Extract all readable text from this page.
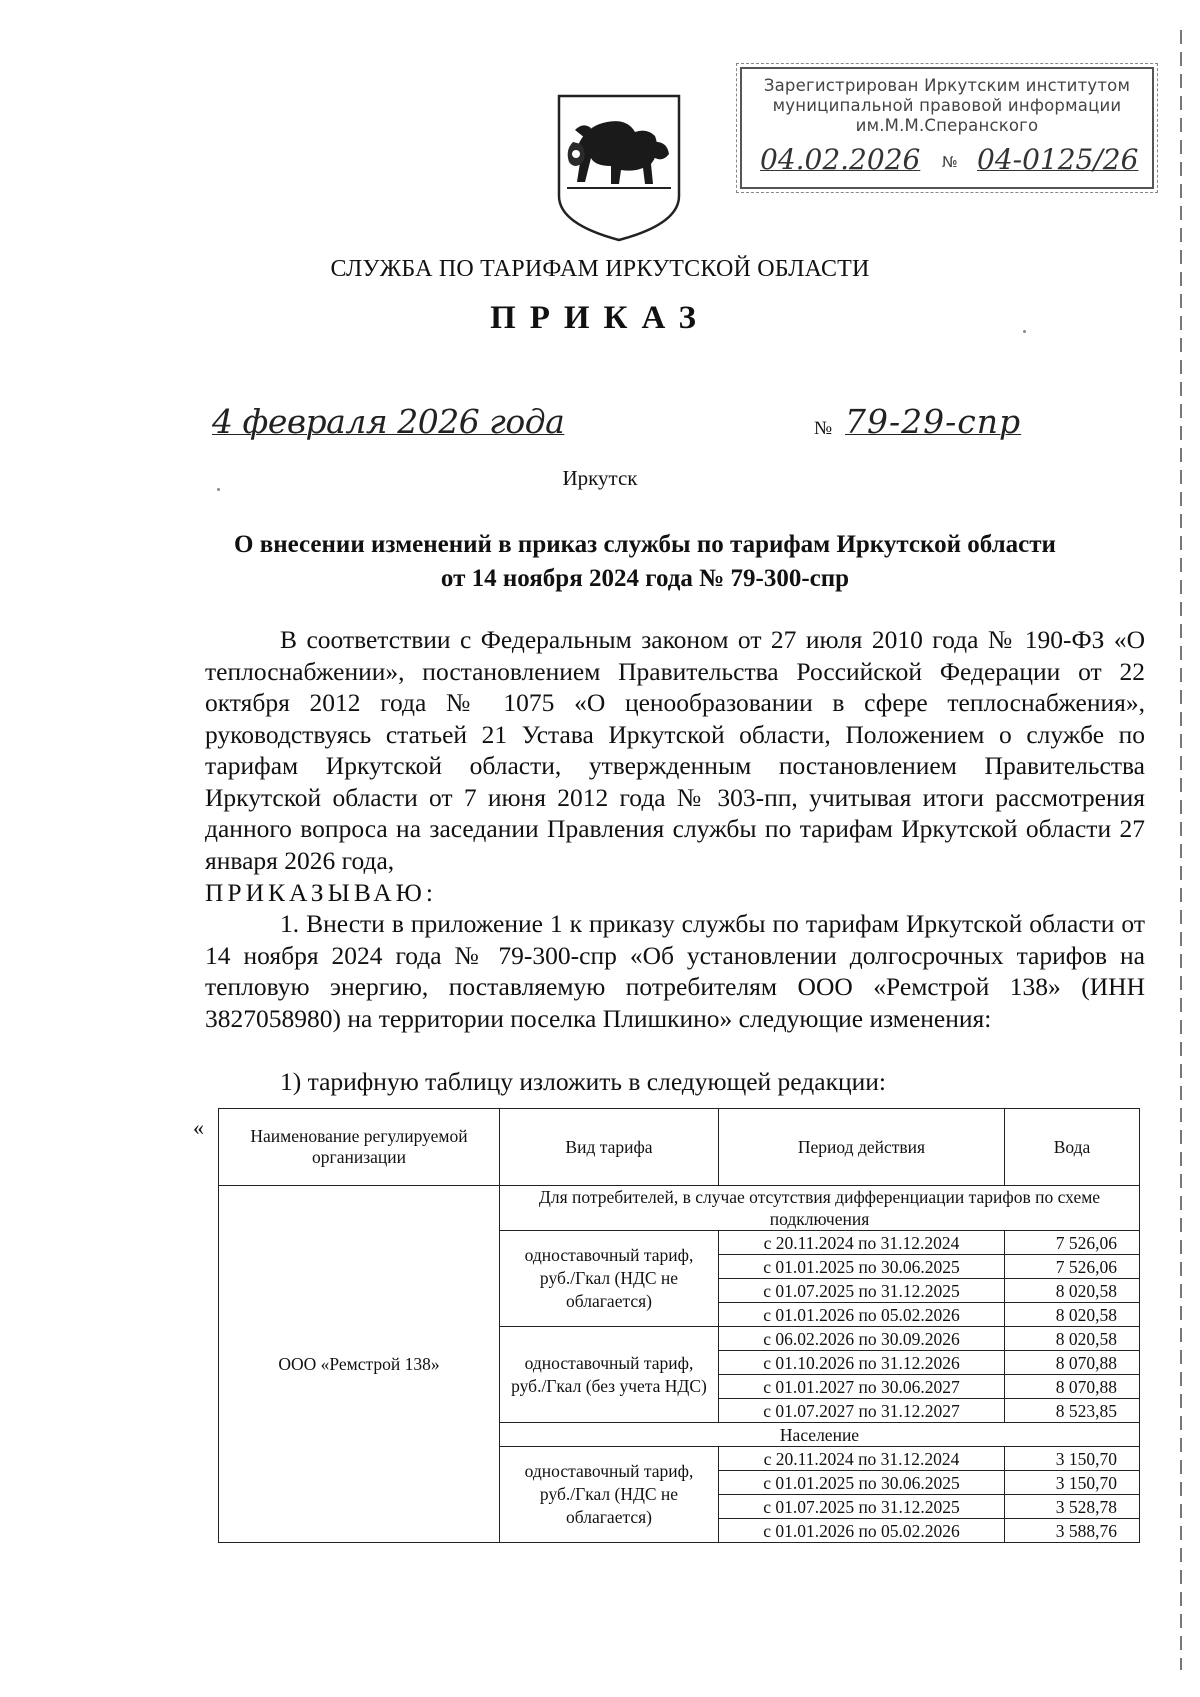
Зарегистрирован Иркутским институтом
муниципальной правовой информации
им.М.М.Сперанского
04.02.2026 № 04-0125/26
СЛУЖБА ПО ТАРИФАМ ИРКУТСКОЙ ОБЛАСТИ
ПРИКАЗ
4 февраля 2026 года	№ 79-29-спр
Иркутск
О внесении изменений в приказ службы по тарифам Иркутской области
от 14 ноября 2024 года № 79-300-спр
В соответствии с Федеральным законом от 27 июля 2010 года № 190-ФЗ «О теплоснабжении», постановлением Правительства Российской Федерации от 22 октября 2012 года № 1075 «О ценообразовании в сфере теплоснабжения», руководствуясь статьей 21 Устава Иркутской области, Положением о службе по тарифам Иркутской области, утвержденным постановлением Правительства Иркутской области от 7 июня 2012 года № 303-пп, учитывая итоги рассмотрения данного вопроса на заседании Правления службы по тарифам Иркутской области 27 января 2026 года,
ПРИКАЗЫВАЮ:
1. Внести в приложение 1 к приказу службы по тарифам Иркутской области от 14 ноября 2024 года № 79-300-спр «Об установлении долгосрочных тарифов на тепловую энергию, поставляемую потребителям ООО «Ремстрой 138» (ИНН 3827058980) на территории поселка Плишкино» следующие изменения:
1) тарифную таблицу изложить в следующей редакции:
«	Наименование регулируемой организации	Вид тарифа	Период действия	Вода
ООО «Ремстрой 138»	Для потребителей, в случае отсутствия дифференциации тарифов по схеме подключения		
	одноставочный тариф, руб./Гкал (НДС не облагается)	с 20.11.2024 по 31.12.2024	7 526,06
		с 01.01.2025 по 30.06.2025	7 526,06
		с 01.07.2025 по 31.12.2025	8 020,58
		с 01.01.2026 по 05.02.2026	8 020,58
	одноставочный тариф, руб./Гкал (без учета НДС)	с 06.02.2026 по 30.09.2026	8 020,58
		с 01.10.2026 по 31.12.2026	8 070,88
		с 01.01.2027 по 30.06.2027	8 070,88
		с 01.07.2027 по 31.12.2027	8 523,85
	Население		
	одноставочный тариф, руб./Гкал (НДС не облагается)	с 20.11.2024 по 31.12.2024	3 150,70
		с 01.01.2025 по 30.06.2025	3 150,70
		с 01.07.2025 по 31.12.2025	3 528,78
		с 01.01.2026 по 05.02.2026	3 588,76
